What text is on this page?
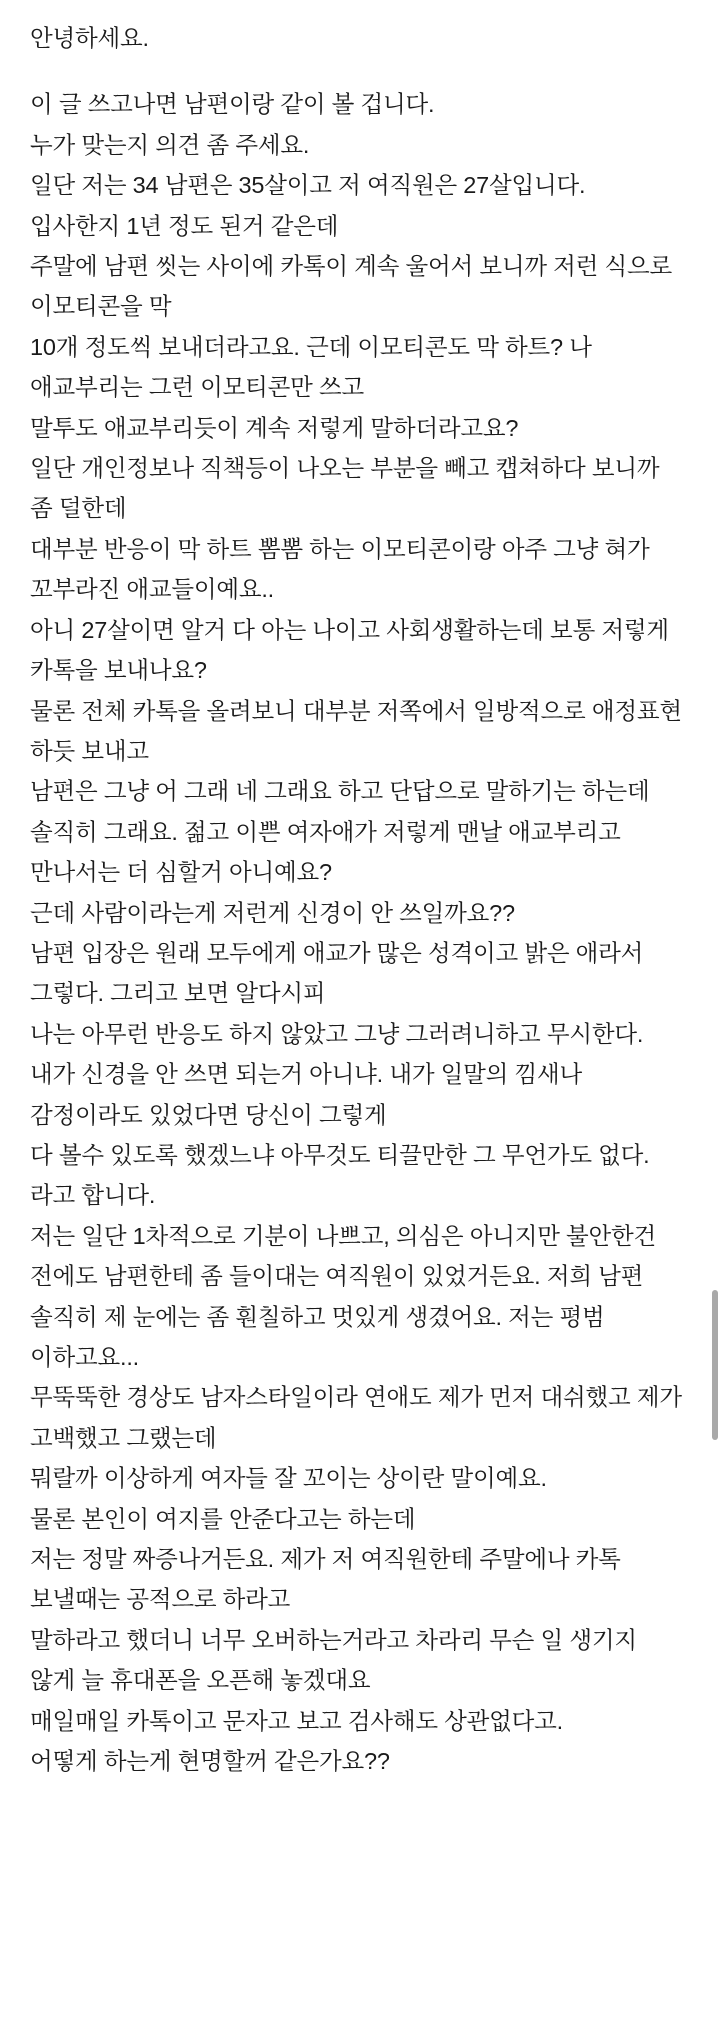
안녕하세요.

이 글 쓰고나면 남편이랑 같이 볼 겁니다.

누가 맞는지 의견 좀 주세요.

일단 저는 34 남편은 35살이고 저 여직원은 27살입니다.

입사한지 1년 정도 된거 같은데

주말에 남편 씻는 사이에 카톡이 계속 울어서 보니까 저런 식으로 이모티콘을 막

10개 정도씩 보내더라고요. 근데 이모티콘도 막 하트? 나 애교부리는 그런 이모티콘만 쓰고

말투도 애교부리듯이 계속 저렇게 말하더라고요?

일단 개인정보나 직책등이 나오는 부분을 빼고 캡쳐하다 보니까 좀 덜한데

대부분 반응이 막 하트 뽐뽐 하는 이모티콘이랑 아주 그냥 혀가 꼬부라진 애교들이예요..

아니 27살이면 알거 다 아는 나이고 사회생활하는데 보통 저렇게 카톡을 보내나요?

물론 전체 카톡을 올려보니 대부분 저쪽에서 일방적으로 애정표현 하듯 보내고

남편은 그냥 어 그래 네 그래요 하고 단답으로 말하기는 하는데

솔직히 그래요. 젊고 이쁜 여자애가 저렇게 맨날 애교부리고 만나서는 더 심할거 아니예요?

근데 사람이라는게 저런게 신경이 안 쓰일까요??

남편 입장은 원래 모두에게 애교가 많은 성격이고 밝은 애라서 그렇다. 그리고 보면 알다시피

나는 아무런 반응도 하지 않았고 그냥 그러려니하고 무시한다.

내가 신경을 안 쓰면 되는거 아니냐. 내가 일말의 낌새나 감정이라도 있었다면 당신이 그렇게

다 볼수 있도록 했겠느냐 아무것도 티끌만한 그 무언가도 없다.

라고 합니다.

저는 일단 1차적으로 기분이 나쁘고, 의심은 아니지만 불안한건 전에도 남편한테 좀 들이대는 여직원이 있었거든요. 저희 남편 솔직히 제 눈에는 좀 훤칠하고 멋있게 생겼어요. 저는 평범 이하고요...

무뚝뚝한 경상도 남자스타일이라 연애도 제가 먼저 대쉬했고 제가 고백했고 그랬는데

뭐랄까 이상하게 여자들 잘 꼬이는 상이란 말이예요.

물론 본인이 여지를 안준다고는 하는데

저는 정말 짜증나거든요. 제가 저 여직원한테 주말에나 카톡 보낼때는 공적으로 하라고

말하라고 했더니 너무 오버하는거라고 차라리 무슨 일 생기지 않게 늘 휴대폰을 오픈해 놓겠대요

매일매일 카톡이고 문자고 보고 검사해도 상관없다고.

어떻게 하는게 현명할꺼 같은가요??
